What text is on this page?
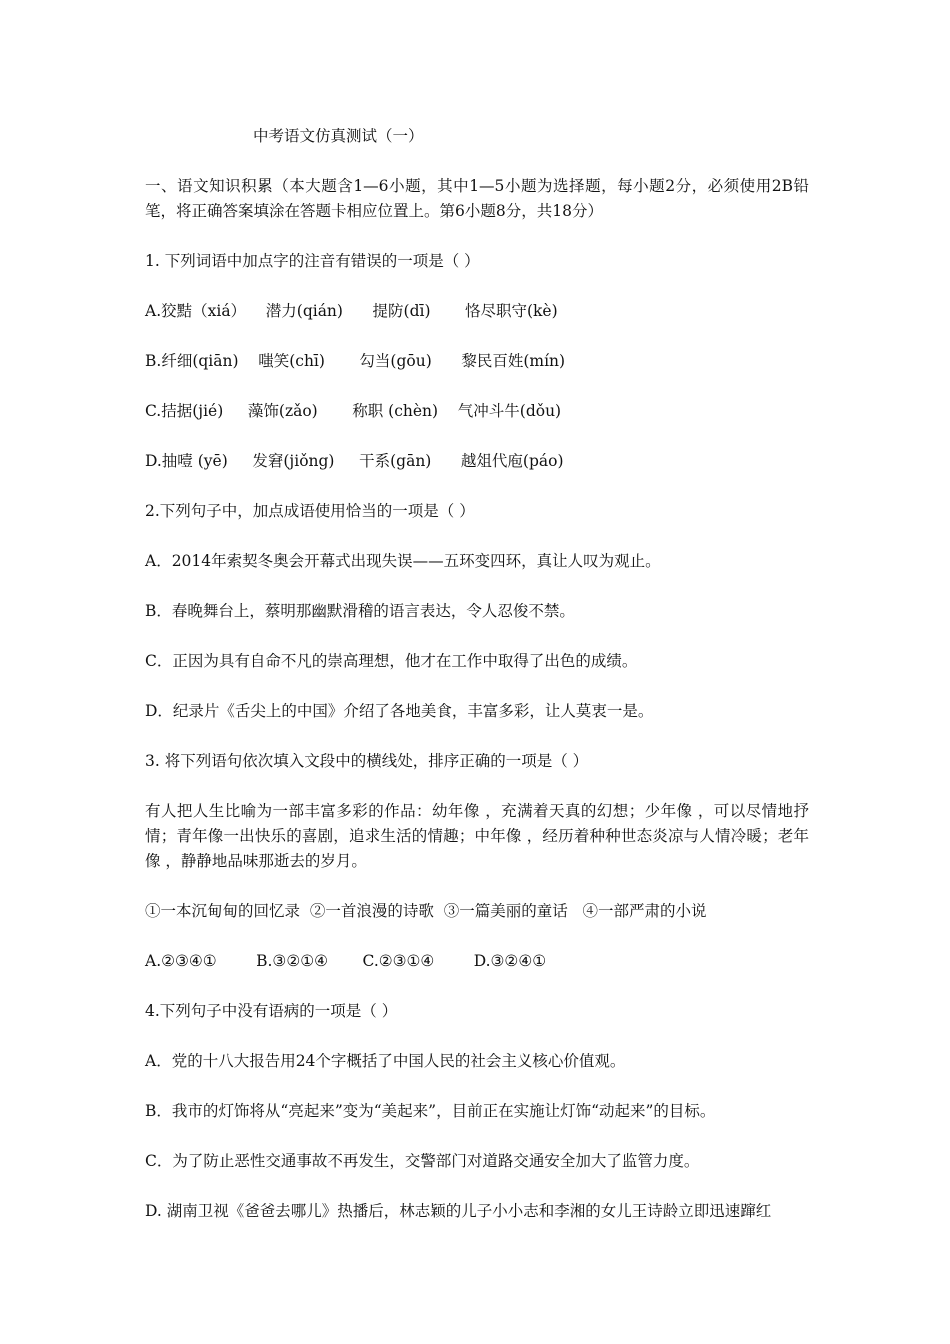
中考语文仿真测试（一）
一、语文知识积累（本大题含1—6小题，其中1—5小题为选择题，每小题2分，必须使用2B铅笔，将正确答案填涂在答题卡相应位置上。第6小题8分，共18分）
1. 下列词语中加点字的注音有错误的一项是（ ）
A.狡黠（xiá）    潜力(qián)      提防(dī)       恪尽职守(kè)
B.纤细(qiān)    嗤笑(chī)       勾当(gōu)      黎民百姓(mín)
C.拮据(jié)     藻饰(zǎo)       称职 (chèn)    气冲斗牛(dǒu)
D.抽噎 (yē)     发窘(jiǒng)     干系(gān)      越俎代庖(páo)
2.下列句子中，加点成语使用恰当的一项是（ ）
A．2014年索契冬奥会开幕式出现失误——五环变四环，真让人叹为观止。
B．春晚舞台上，蔡明那幽默滑稽的语言表达，令人忍俊不禁。
C．正因为具有自命不凡的崇高理想，他才在工作中取得了出色的成绩。
D．纪录片《舌尖上的中国》介绍了各地美食，丰富多彩，让人莫衷一是。
3. 将下列语句依次填入文段中的横线处，排序正确的一项是（ ）
有人把人生比喻为一部丰富多彩的作品：幼年像 ，充满着天真的幻想；少年像 ，可以尽情地抒情；青年像一出快乐的喜剧，追求生活的情趣；中年像 ，经历着种种世态炎凉与人情冷暖；老年像 ，静静地品味那逝去的岁月。
①一本沉甸甸的回忆录  ②一首浪漫的诗歌  ③一篇美丽的童话   ④一部严肃的小说
A.②③④①        B.③②①④       C.②③①④        D.③②④①
4.下列句子中没有语病的一项是（ ）
A．党的十八大报告用24个字概括了中国人民的社会主义核心价值观。
B．我市的灯饰将从“亮起来”变为“美起来”，目前正在实施让灯饰“动起来”的目标。
C．为了防止恶性交通事故不再发生，交警部门对道路交通安全加大了监管力度。
D. 湖南卫视《爸爸去哪儿》热播后，林志颖的儿子小小志和李湘的女儿王诗龄立即迅速蹿红
